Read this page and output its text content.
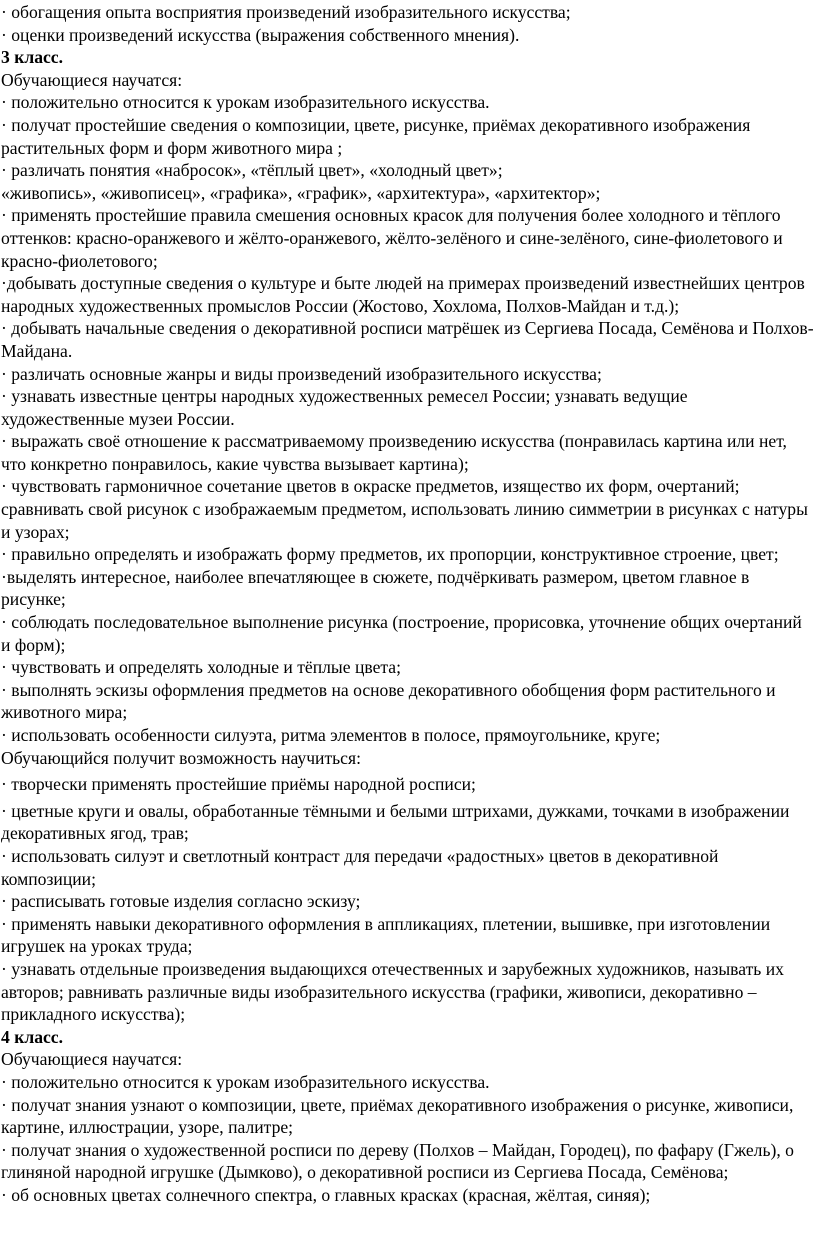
· обогащения опыта восприятия произведений изобразительного искусства;
· оценки произведений искусства (выражения собственного мнения).
3 класс.
Обучающиеся научатся:
· положительно относится к урокам изобразительного искусства.
· получат простейшие сведения о композиции, цвете, рисунке, приёмах декоративного изображения растительных форм и форм животного мира ;
· различать понятия «набросок», «тёплый цвет», «холодный цвет»;
«живопись», «живописец», «графика», «график», «архитектура», «архитектор»;
· применять простейшие правила смешения основных красок для получения более холодного и тёплого оттенков: красно-оранжевого и жёлто-оранжевого, жёлто-зелёного и сине-зелёного, сине-фиолетового и красно-фиолетового;
·добывать доступные сведения о культуре и быте людей на примерах произведений известнейших центров народных художественных промыслов России (Жостово, Хохлома, Полхов-Майдан и т.д.);
· добывать начальные сведения о декоративной росписи матрёшек из Сергиева Посада, Семёнова и Полхов-Майдана.
· различать основные жанры и виды произведений изобразительного искусства;
· узнавать известные центры народных художественных ремесел России; узнавать ведущие художественные музеи России.
· выражать своё отношение к рассматриваемому произведению искусства (понравилась картина или нет, что конкретно понравилось, какие чувства вызывает картина);
· чувствовать гармоничное сочетание цветов в окраске предметов, изящество их форм, очертаний; сравнивать свой рисунок с изображаемым предметом, использовать линию симметрии в рисунках с натуры и узорах;
· правильно определять и изображать форму предметов, их пропорции, конструктивное строение, цвет;
·выделять интересное, наиболее впечатляющее в сюжете, подчёркивать размером, цветом главное в рисунке;
· соблюдать последовательное выполнение рисунка (построение, прорисовка, уточнение общих очертаний и форм);
· чувствовать и определять холодные и тёплые цвета;
· выполнять эскизы оформления предметов на основе декоративного обобщения форм растительного и животного мира;
· использовать особенности силуэта, ритма элементов в полосе, прямоугольнике, круге;
Обучающийся получит возможность научиться:
· творчески применять простейшие приёмы народной росписи;
· цветные круги и овалы, обработанные тёмными и белыми штрихами, дужками, точками в изображении декоративных ягод, трав;
· использовать силуэт и светлотный контраст для передачи «радостных» цветов в декоративной композиции;
· расписывать готовые изделия согласно эскизу;
· применять навыки декоративного оформления в аппликациях, плетении, вышивке, при изготовлении игрушек на уроках труда;
· узнавать отдельные произведения выдающихся отечественных и зарубежных художников, называть их авторов; равнивать различные виды изобразительного искусства (графики, живописи, декоративно – прикладного искусства);
4 класс.
Обучающиеся научатся:
· положительно относится к урокам изобразительного искусства.
· получат знания узнают о композиции, цвете, приёмах декоративного изображения о рисунке, живописи, картине, иллюстрации, узоре, палитре;
· получат знания о художественной росписи по дереву (Полхов – Майдан, Городец), по фафару (Гжель), о глиняной народной игрушке (Дымково), о декоративной росписи из Сергиева Посада, Семёнова;
· об основных цветах солнечного спектра, о главных красках (красная, жёлтая, синяя);
